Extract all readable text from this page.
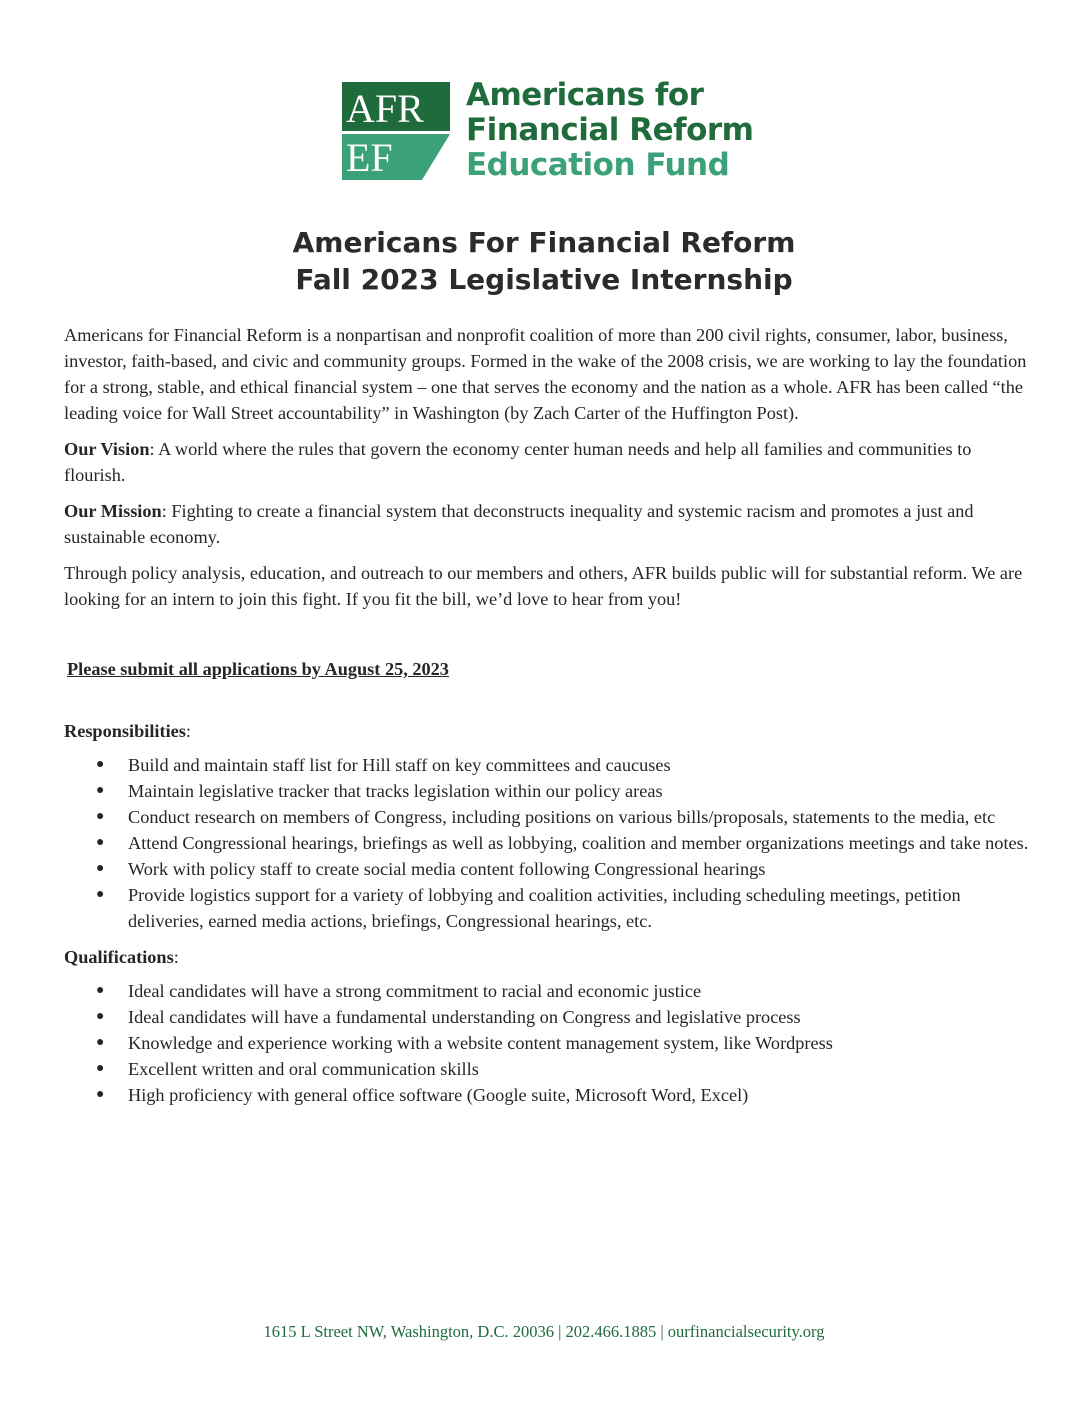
AFR
EF
Americans for
Financial Reform
Education Fund
Americans For Financial Reform
Fall 2023 Legislative Internship

Americans for Financial Reform is a nonpartisan and nonprofit coalition of more than 200 civil rights, consumer, labor, business, investor, faith-based, and civic and community groups. Formed in the wake of the 2008 crisis, we are working to lay the foundation for a strong, stable, and ethical financial system – one that serves the economy and the nation as a whole. AFR has been called “the leading voice for Wall Street accountability” in Washington (by Zach Carter of the Huffington Post).

Our Vision: A world where the rules that govern the economy center human needs and help all families and communities to flourish.

Our Mission: Fighting to create a financial system that deconstructs inequality and systemic racism and promotes a just and sustainable economy.

Through policy analysis, education, and outreach to our members and others, AFR builds public will for substantial reform. We are looking for an intern to join this fight. If you fit the bill, we’d love to hear from you!

Please submit all applications by August 25, 2023

Responsibilities:

● Build and maintain staff list for Hill staff on key committees and caucuses
● Maintain legislative tracker that tracks legislation within our policy areas
● Conduct research on members of Congress, including positions on various bills/proposals, statements to the media, etc
● Attend Congressional hearings, briefings as well as lobbying, coalition and member organizations meetings and take notes.
● Work with policy staff to create social media content following Congressional hearings
● Provide logistics support for a variety of lobbying and coalition activities, including scheduling meetings, petition deliveries, earned media actions, briefings, Congressional hearings, etc.

Qualifications:

● Ideal candidates will have a strong commitment to racial and economic justice
● Ideal candidates will have a fundamental understanding on Congress and legislative process
● Knowledge and experience working with a website content management system, like Wordpress
● Excellent written and oral communication skills
● High proficiency with general office software (Google suite, Microsoft Word, Excel)
1615 L Street NW, Washington, D.C. 20036 | 202.466.1885 | ourfinancialsecurity.org
